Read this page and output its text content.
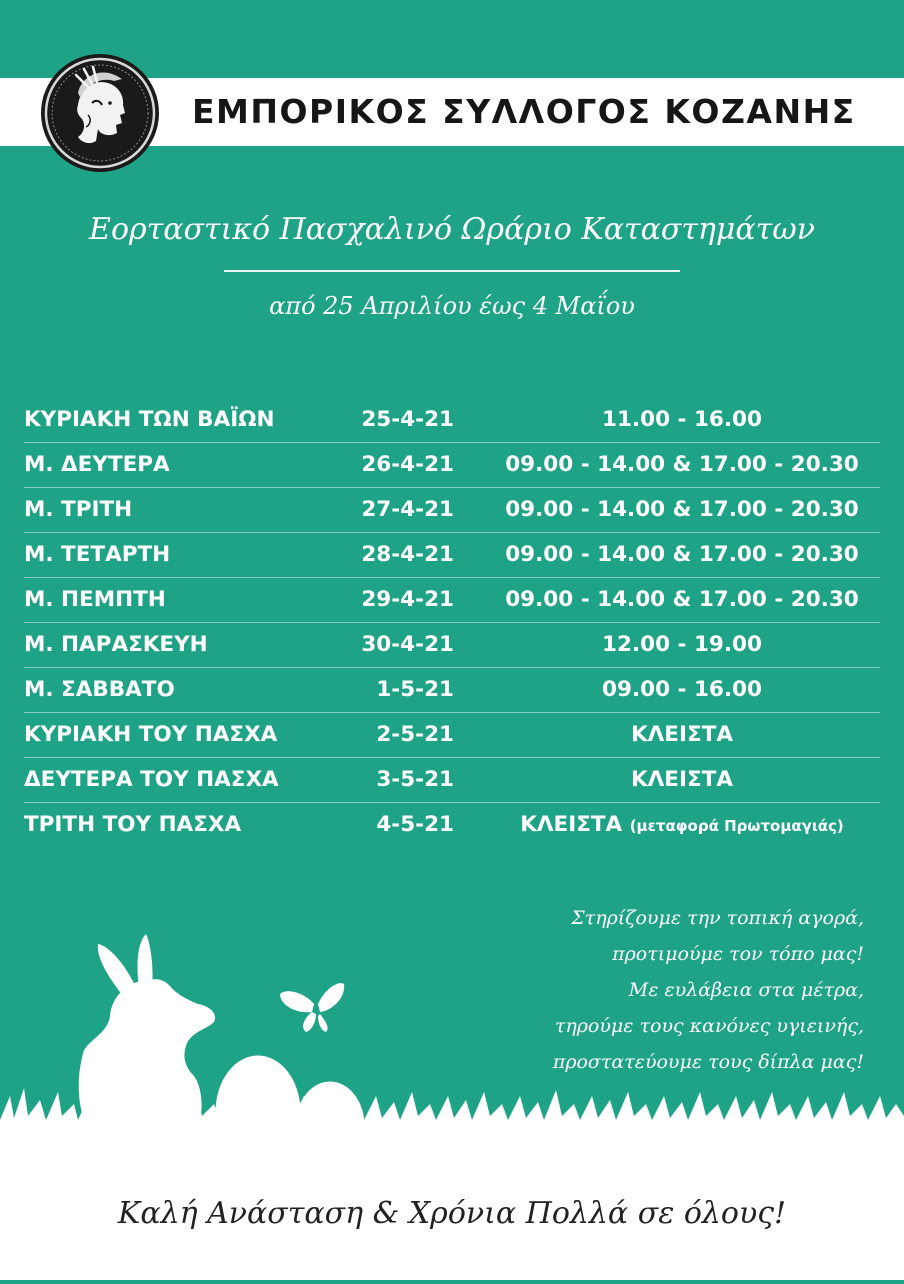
ΕΜΠΟΡΙΚΟΣ ΣΥΛΛΟΓΟΣ ΚΟΖΑΝΗΣ
Εορταστικό Πασχαλινό Ωράριο Καταστημάτων
από 25 Απριλίου έως 4 Μαΐου
ΚΥΡΙΑΚΗ ΤΩΝ ΒΑΪΩΝ	25-4-21	11.00 - 16.00
Μ. ΔΕΥΤΕΡΑ	26-4-21	09.00 - 14.00 & 17.00 - 20.30
Μ. ΤΡΙΤΗ	27-4-21	09.00 - 14.00 & 17.00 - 20.30
Μ. ΤΕΤΑΡΤΗ	28-4-21	09.00 - 14.00 & 17.00 - 20.30
Μ. ΠΕΜΠΤΗ	29-4-21	09.00 - 14.00 & 17.00 - 20.30
Μ. ΠΑΡΑΣΚΕΥΗ	30-4-21	12.00 - 19.00
Μ. ΣΑΒΒΑΤΟ	1-5-21	09.00 - 16.00
ΚΥΡΙΑΚΗ ΤΟΥ ΠΑΣΧΑ	2-5-21	ΚΛΕΙΣΤΑ
ΔΕΥΤΕΡΑ ΤΟΥ ΠΑΣΧΑ	3-5-21	ΚΛΕΙΣΤΑ
ΤΡΙΤΗ ΤΟΥ ΠΑΣΧΑ	4-5-21	ΚΛΕΙΣΤΑ (μεταφορά Πρωτομαγιάς)
Στηρίζουμε την τοπική αγορά,
προτιμούμε τον τόπο μας!
Με ευλάβεια στα μέτρα,
τηρούμε τους κανόνες υγιεινής,
προστατεύουμε τους δίπλα μας!
Καλή Ανάσταση & Χρόνια Πολλά σε όλους!
